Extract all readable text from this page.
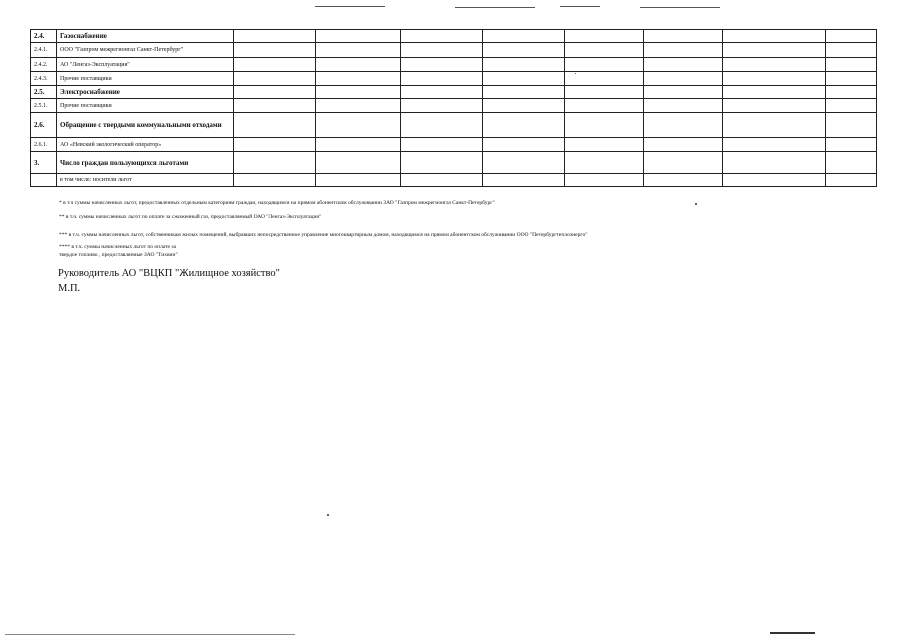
2.4.	Газоснабжение								
2.4.1.	ООО "Газпром межрегионгаз Санкт-Петербург"								
2.4.2.	АО "Ленгаз-Эксплуатация"								
2.4.3.	Прочие поставщики								
2.5.	Электроснабжение								
2.5.1.	Прочие поставщики								
2.6.	Обращение с твердыми коммунальными отходами								
2.6.1.	АО «Невский экологический оператор»								
3.	Число граждан пользующихся льготами								
	в том числе: носители льгот								
* в т.ч суммы начисленных льгот, предоставленных отдельным категориям граждан, находящимся на прямом абонентском обслуживании ЗАО "Газпром межрегионгаз Санкт-Петербург"
** в т.ч. суммы начисленных льгот по оплате за сжиженный газ, предоставляемый ОАО "Ленгаз-Эксплуатация"
*** в т.ч. суммы начисленных льгот, собственникам жилых помещений, выбравших непосредственное управление многоквартирным домом, находящимся на прямом абонентском обслуживании ООО "Петербургтеплоэнерго"
**** в т.ч. суммы начисленных льгот по оплате за
твердое топливо , предоставляемые ЗАО "Тихвин"
Руководитель АО "ВЦКП "Жилищное хозяйство"
М.П.
